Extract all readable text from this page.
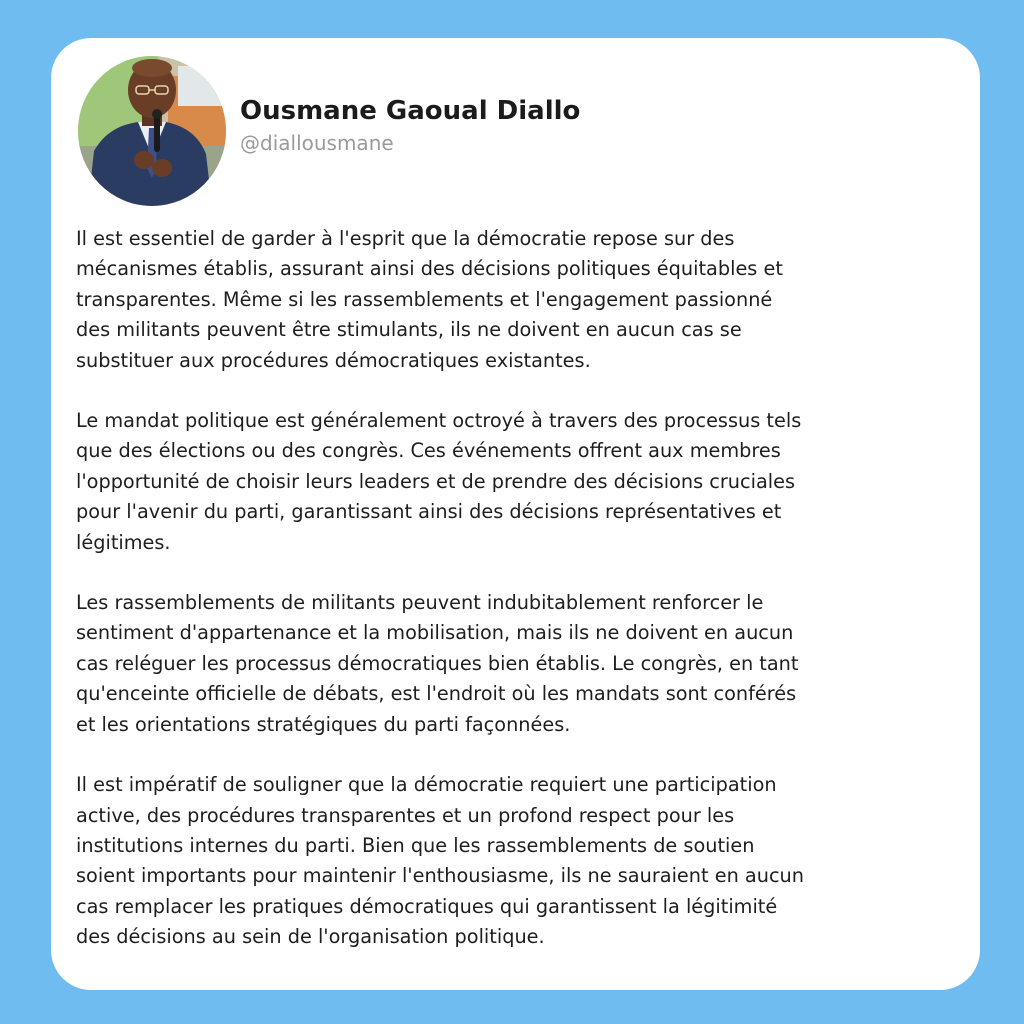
Ousmane Gaoual Diallo
@diallousmane

Il est essentiel de garder à l'esprit que la démocratie repose sur des
mécanismes établis, assurant ainsi des décisions politiques équitables et
transparentes. Même si les rassemblements et l'engagement passionné
des militants peuvent être stimulants, ils ne doivent en aucun cas se
substituer aux procédures démocratiques existantes.

Le mandat politique est généralement octroyé à travers des processus tels
que des élections ou des congrès. Ces événements offrent aux membres
l'opportunité de choisir leurs leaders et de prendre des décisions cruciales
pour l'avenir du parti, garantissant ainsi des décisions représentatives et
légitimes.

Les rassemblements de militants peuvent indubitablement renforcer le
sentiment d'appartenance et la mobilisation, mais ils ne doivent en aucun
cas reléguer les processus démocratiques bien établis. Le congrès, en tant
qu'enceinte officielle de débats, est l'endroit où les mandats sont conférés
et les orientations stratégiques du parti façonnées.

Il est impératif de souligner que la démocratie requiert une participation
active, des procédures transparentes et un profond respect pour les
institutions internes du parti. Bien que les rassemblements de soutien
soient importants pour maintenir l'enthousiasme, ils ne sauraient en aucun
cas remplacer les pratiques démocratiques qui garantissent la légitimité
des décisions au sein de l'organisation politique.
